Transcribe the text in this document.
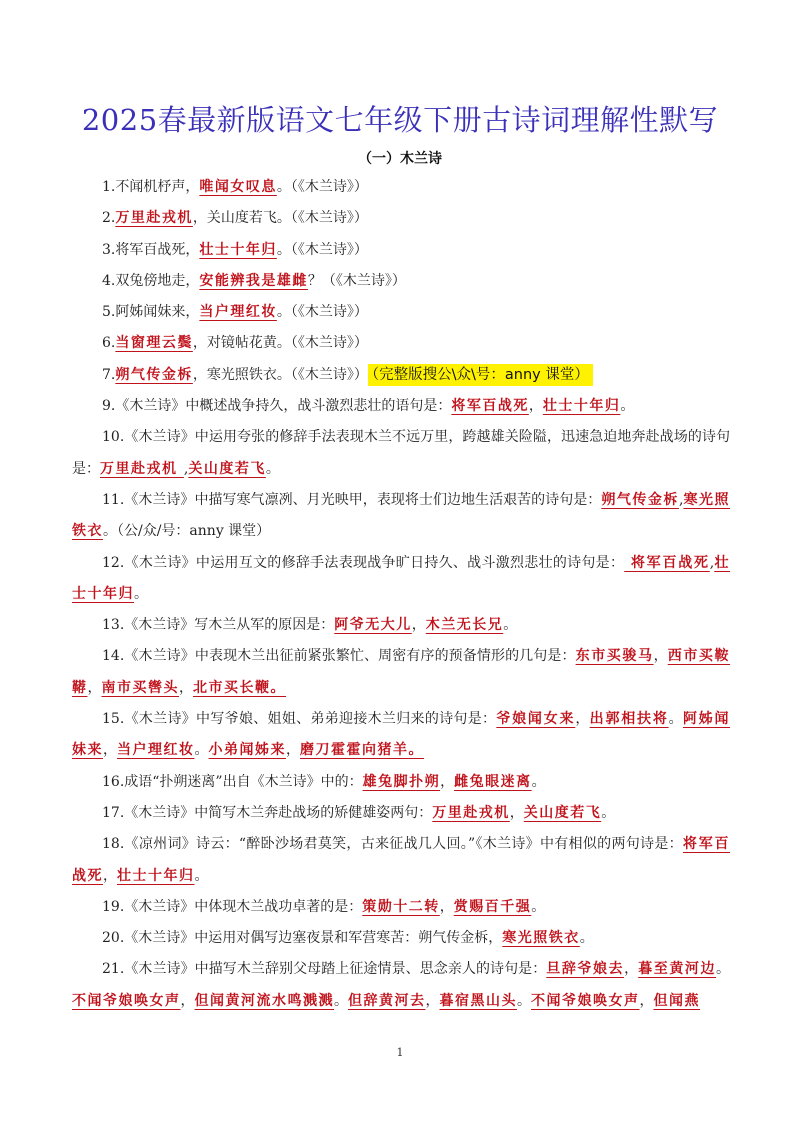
2025春最新版语文七年级下册古诗词理解性默写
（一）木兰诗

1.不闻机杼声，唯闻女叹息。（《木兰诗》）

2.万里赴戎机，关山度若飞。（《木兰诗》）

3.将军百战死，壮士十年归。（《木兰诗》）

4.双兔傍地走，安能辨我是雄雌？（《木兰诗》）

5.阿姊闻妹来，当户理红妆。（《木兰诗》）

6.当窗理云鬓，对镜帖花黄。（《木兰诗》）

7.朔气传金柝，寒光照铁衣。（《木兰诗》） （完整版搜公\众\号：anny 课堂）

9.《木兰诗》中概述战争持久，战斗激烈悲壮的语句是：将军百战死，壮士十年归。

10.《木兰诗》中运用夸张的修辞手法表现木兰不远万里，跨越雄关险隘，迅速急迫地奔赴战场的诗句是：万里赴戎机 ,关山度若飞。

11.《木兰诗》中描写寒气凛冽、月光映甲，表现将士们边地生活艰苦的诗句是：朔气传金柝,寒光照铁衣。（公/众/号：anny 课堂）

12.《木兰诗》中运用互文的修辞手法表现战争旷日持久、战斗激烈悲壮的诗句是： 将军百战死,壮士十年归。

13.《木兰诗》写木兰从军的原因是：阿爷无大儿，木兰无长兄。

14.《木兰诗》中表现木兰出征前紧张繁忙、周密有序的预备情形的几句是：东市买骏马，西市买鞍鞯，南市买辔头，北市买长鞭。

15.《木兰诗》中写爷娘、姐姐、弟弟迎接木兰归来的诗句是：爷娘闻女来，出郭相扶将。阿姊闻妹来，当户理红妆。小弟闻姊来，磨刀霍霍向猪羊。

16.成语“扑朔迷离”出自《木兰诗》中的：雄兔脚扑朔，雌兔眼迷离。

17.《木兰诗》中简写木兰奔赴战场的矫健雄姿两句：万里赴戎机，关山度若飞。

18.《凉州词》诗云：“醉卧沙场君莫笑，古来征战几人回。”《木兰诗》中有相似的两句诗是：将军百战死，壮士十年归。

19.《木兰诗》中体现木兰战功卓著的是：策勋十二转，赏赐百千强。

20.《木兰诗》中运用对偶写边塞夜景和军营寒苦：朔气传金柝，寒光照铁衣。

21.《木兰诗》中描写木兰辞别父母踏上征途情景、思念亲人的诗句是：旦辞爷娘去，暮至黄河边。不闻爷娘唤女声，但闻黄河流水鸣溅溅。但辞黄河去，暮宿黑山头。不闻爷娘唤女声，但闻燕

1
